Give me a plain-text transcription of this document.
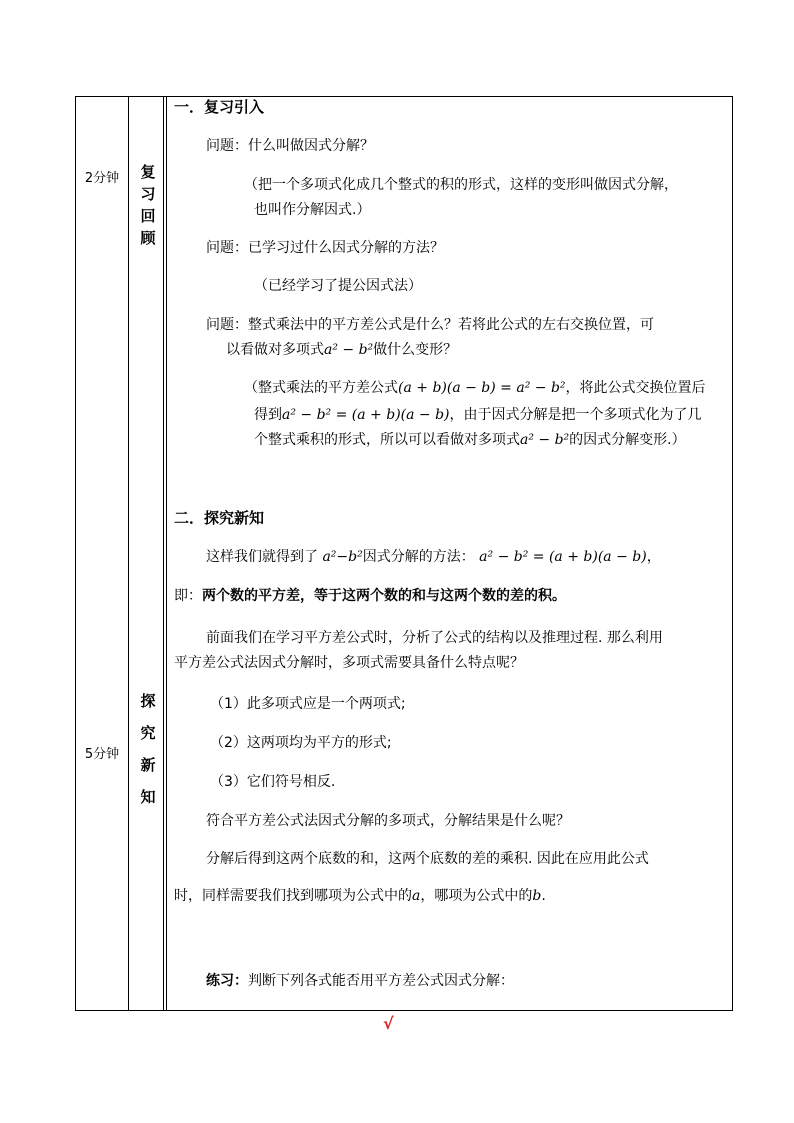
2分钟	复
习
回
顾
5分钟
探
究
新
知
一．复习引入
问题：什么叫做因式分解？
（把一个多项式化成几个整式的积的形式，这样的变形叫做因式分解，
也叫作分解因式.）
问题：已学习过什么因式分解的方法？
（已经学习了提公因式法）
问题：整式乘法中的平方差公式是什么？若将此公式的左右交换位置，可
以看做对多项式a² − b²做什么变形？
（整式乘法的平方差公式(a + b)(a − b) = a² − b²，将此公式交换位置后
得到a² − b² = (a + b)(a − b)，由于因式分解是把一个多项式化为了几
个整式乘积的形式，所以可以看做对多项式a² − b²的因式分解变形.）
二．探究新知
这样我们就得到了 a²−b²因式分解的方法： a² − b² = (a + b)(a − b)，
即：两个数的平方差，等于这两个数的和与这两个数的差的积。
前面我们在学习平方差公式时，分析了公式的结构以及推理过程. 那么利用
平方差公式法因式分解时，多项式需要具备什么特点呢？
（1）此多项式应是一个两项式;
（2）这两项均为平方的形式;
（3）它们符号相反.
符合平方差公式法因式分解的多项式，分解结果是什么呢？
分解后得到这两个底数的和，这两个底数的差的乘积. 因此在应用此公式
时，同样需要我们找到哪项为公式中的a，哪项为公式中的b.
练习：判断下列各式能否用平方差公式因式分解：
√
